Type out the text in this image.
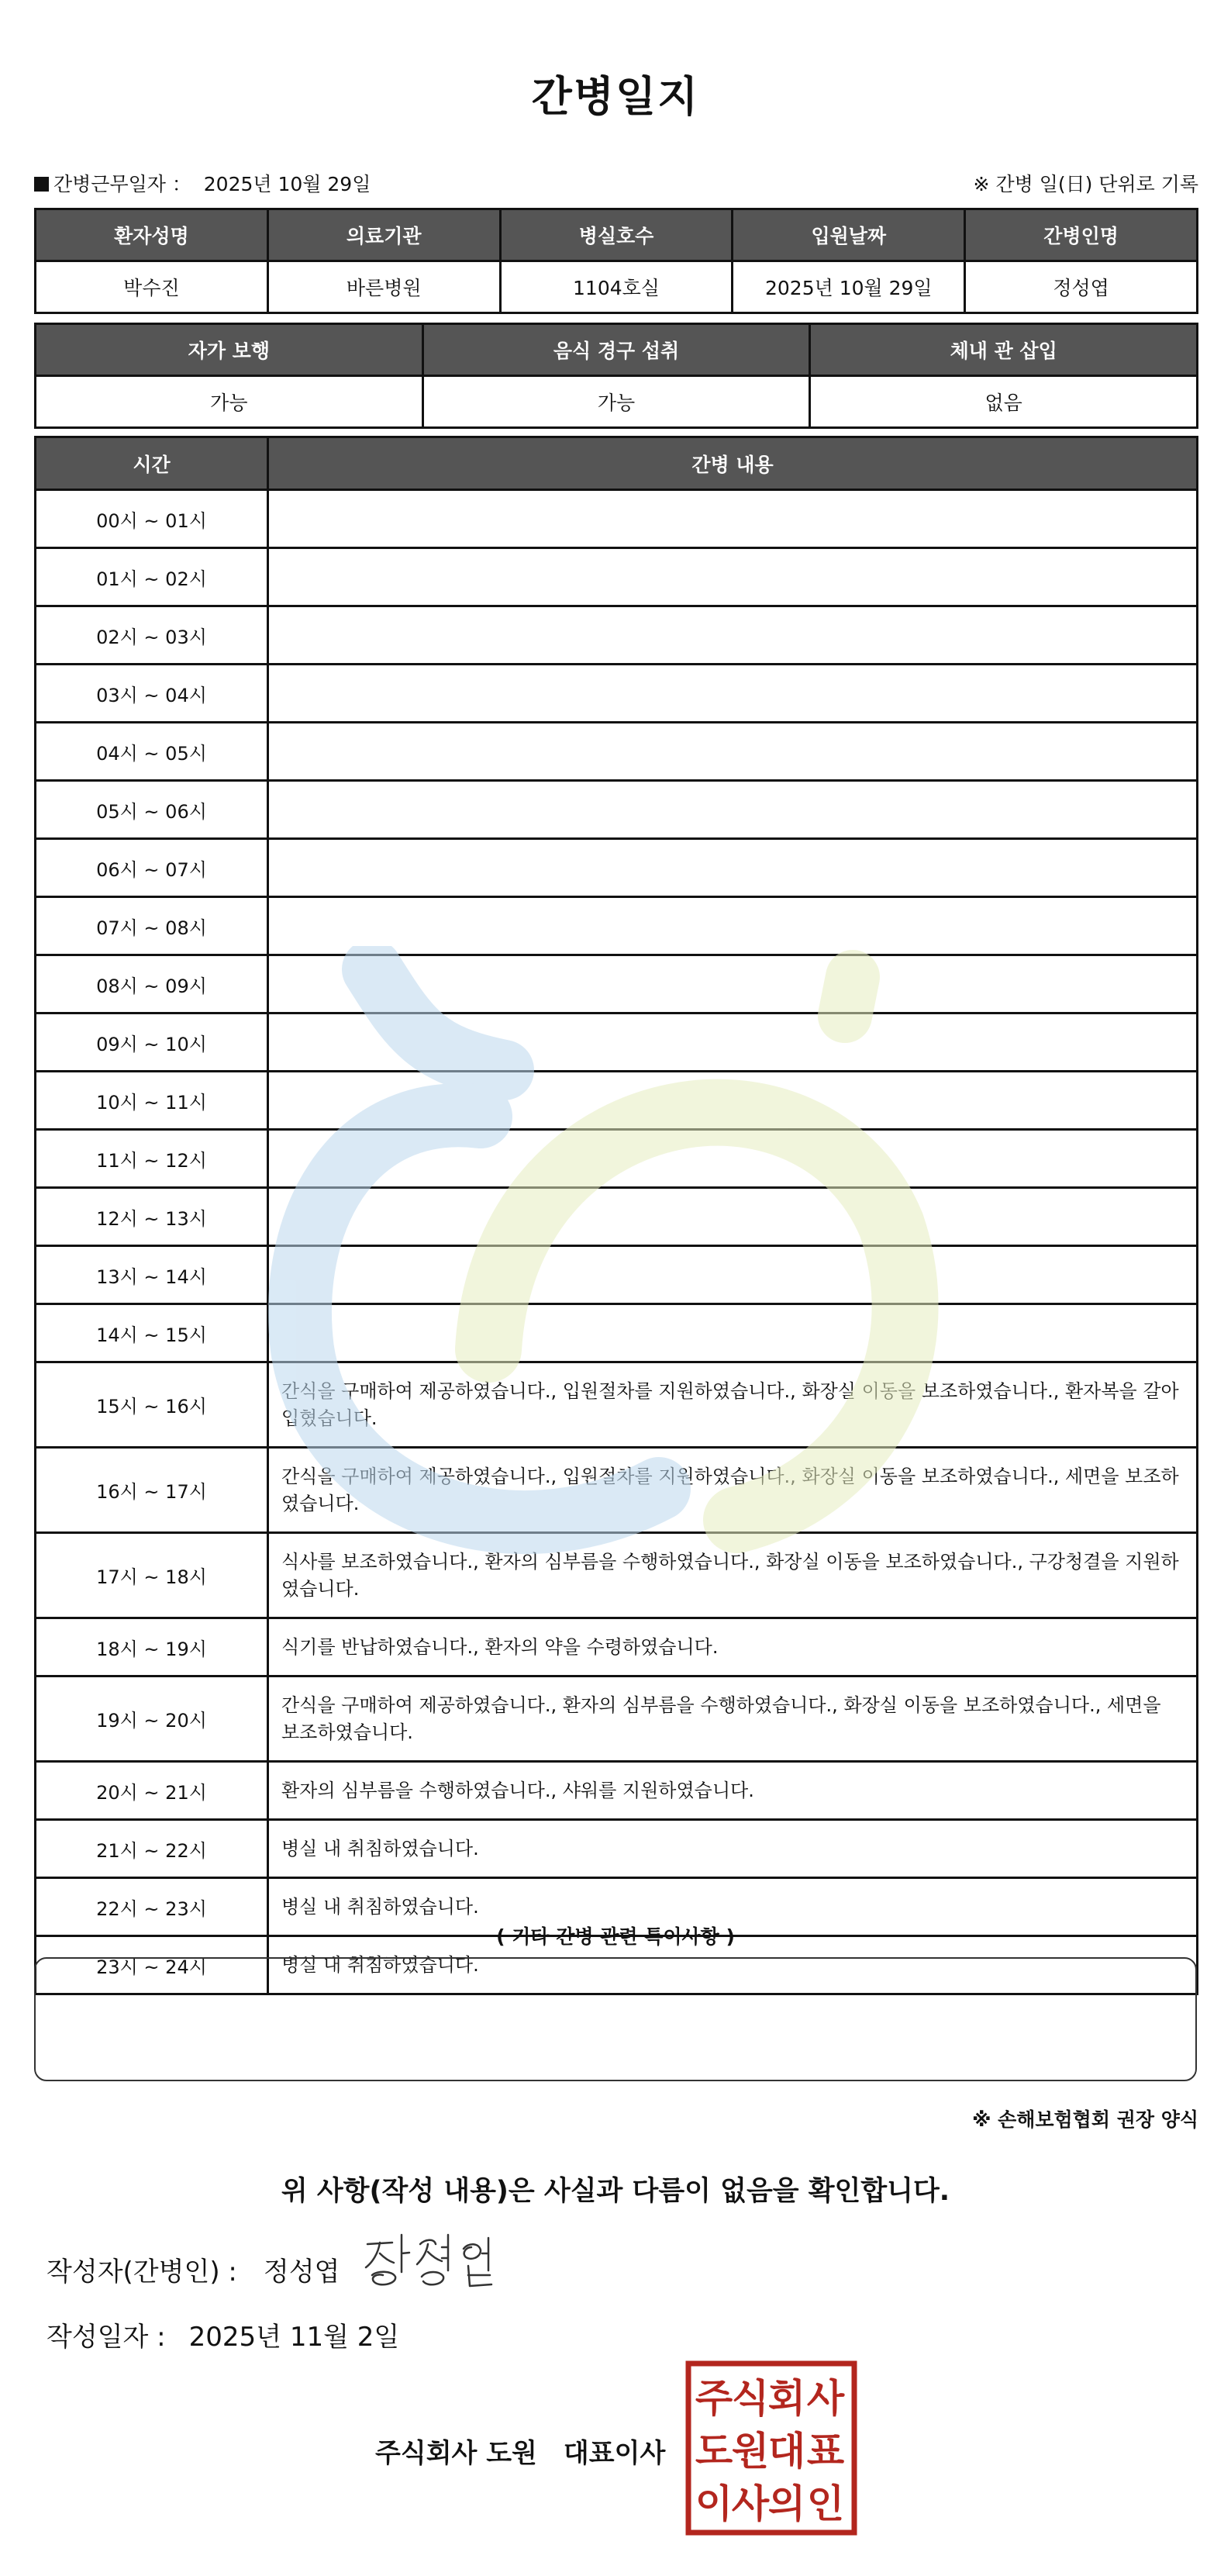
간병일지
간병근무일자 ： 2025년 10월 29일	※ 간병 일(日) 단위로 기록
환자성명	의료기관	병실호수	입원날짜	간병인명
박수진	바른병원	1104호실	2025년 10월 29일	정성엽
자가 보행	음식 경구 섭취	체내 관 삽입
가능	가능	없음
시간	간병 내용
00시 ~ 01시	
01시 ~ 02시	
02시 ~ 03시	
03시 ~ 04시	
04시 ~ 05시	
05시 ~ 06시	
06시 ~ 07시	
07시 ~ 08시	
08시 ~ 09시	
09시 ~ 10시	
10시 ~ 11시	
11시 ~ 12시	
12시 ~ 13시	
13시 ~ 14시	
14시 ~ 15시	
15시 ~ 16시	간식을 구매하여 제공하였습니다., 입원절차를 지원하였습니다., 화장실 이동을 보조하였습니다., 환자복을 갈아입혔습니다.
16시 ~ 17시	간식을 구매하여 제공하였습니다., 입원절차를 지원하였습니다., 화장실 이동을 보조하였습니다., 세면을 보조하였습니다.
17시 ~ 18시	식사를 보조하였습니다., 환자의 심부름을 수행하였습니다., 화장실 이동을 보조하였습니다., 구강청결을 지원하였습니다.
18시 ~ 19시	식기를 반납하였습니다., 환자의 약을 수령하였습니다.
19시 ~ 20시	간식을 구매하여 제공하였습니다., 환자의 심부름을 수행하였습니다., 화장실 이동을 보조하였습니다., 세면을 보조하였습니다.
20시 ~ 21시	환자의 심부름을 수행하였습니다., 샤워를 지원하였습니다.
21시 ~ 22시	병실 내 취침하였습니다.
22시 ~ 23시	병실 내 취침하였습니다.
23시 ~ 24시	병실 내 취침하였습니다.
( 기타 간병 관련 특이사항 )
※ 손해보험협회 권장 양식
위 사항(작성 내용)은 사실과 다름이 없음을 확인합니다.
작성자(간병인) : 정성엽
작성일자 : 2025년 11월 2일
주식회사 도원 대표이사
주
식
회 사
도
원
대 표
이
사
의 인
